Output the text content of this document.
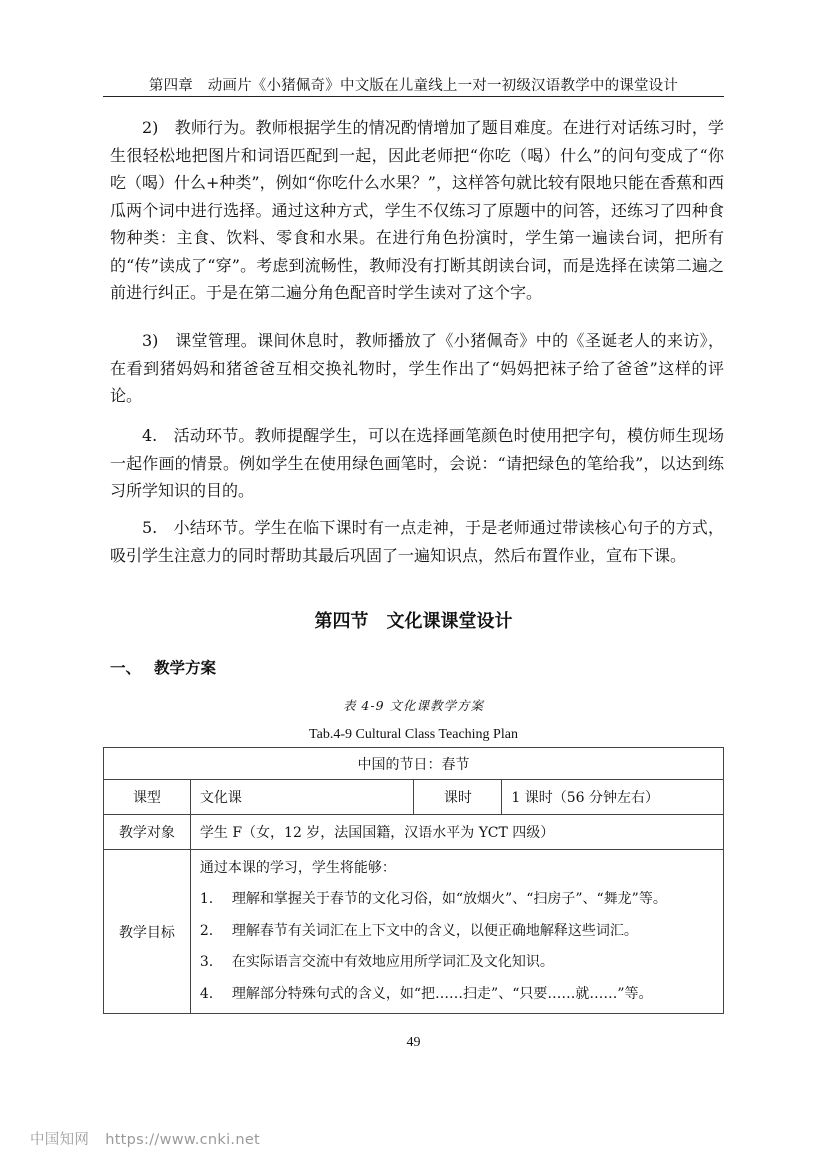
第四章　动画片《小猪佩奇》中文版在儿童线上一对一初级汉语教学中的课堂设计

2)　教师行为。教师根据学生的情况酌情增加了题目难度。在进行对话练习时，学生很轻松地把图片和词语匹配到一起，因此老师把“你吃（喝）什么”的问句变成了“你吃（喝）什么+种类”，例如“你吃什么水果？”，这样答句就比较有限地只能在香蕉和西瓜两个词中进行选择。通过这种方式，学生不仅练习了原题中的问答，还练习了四种食物种类：主食、饮料、零食和水果。在进行角色扮演时，学生第一遍读台词，把所有的“传”读成了“穿”。考虑到流畅性，教师没有打断其朗读台词，而是选择在读第二遍之前进行纠正。于是在第二遍分角色配音时学生读对了这个字。

3)　课堂管理。课间休息时，教师播放了《小猪佩奇》中的《圣诞老人的来访》，在看到猪妈妈和猪爸爸互相交换礼物时，学生作出了“妈妈把袜子给了爸爸”这样的评论。

4.　活动环节。教师提醒学生，可以在选择画笔颜色时使用把字句，模仿师生现场一起作画的情景。例如学生在使用绿色画笔时，会说：“请把绿色的笔给我”，以达到练习所学知识的目的。

5.　小结环节。学生在临下课时有一点走神，于是老师通过带读核心句子的方式，吸引学生注意力的同时帮助其最后巩固了一遍知识点，然后布置作业，宣布下课。

第四节　文化课课堂设计
一、 教学方案
表 4-9 文化课教学方案
Tab.4-9 Cultural Class Teaching Plan
中国的节日：春节			
课型	文化课	课时	1 课时（56 分钟左右）
教学对象	学生 F（女，12 岁，法国国籍，汉语水平为 YCT 四级）		
教学目标	通过本课的学习，学生将能够：
1. 理解和掌握关于春节的文化习俗，如“放烟火”、“扫房子”、“舞龙”等。
2. 理解春节有关词汇在上下文中的含义，以便正确地解释这些词汇。
3. 在实际语言交流中有效地应用所学词汇及文化知识。
4. 理解部分特殊句式的含义，如“把……扫走”、“只要……就……”等。		
49
中国知网 https://www.cnki.net
